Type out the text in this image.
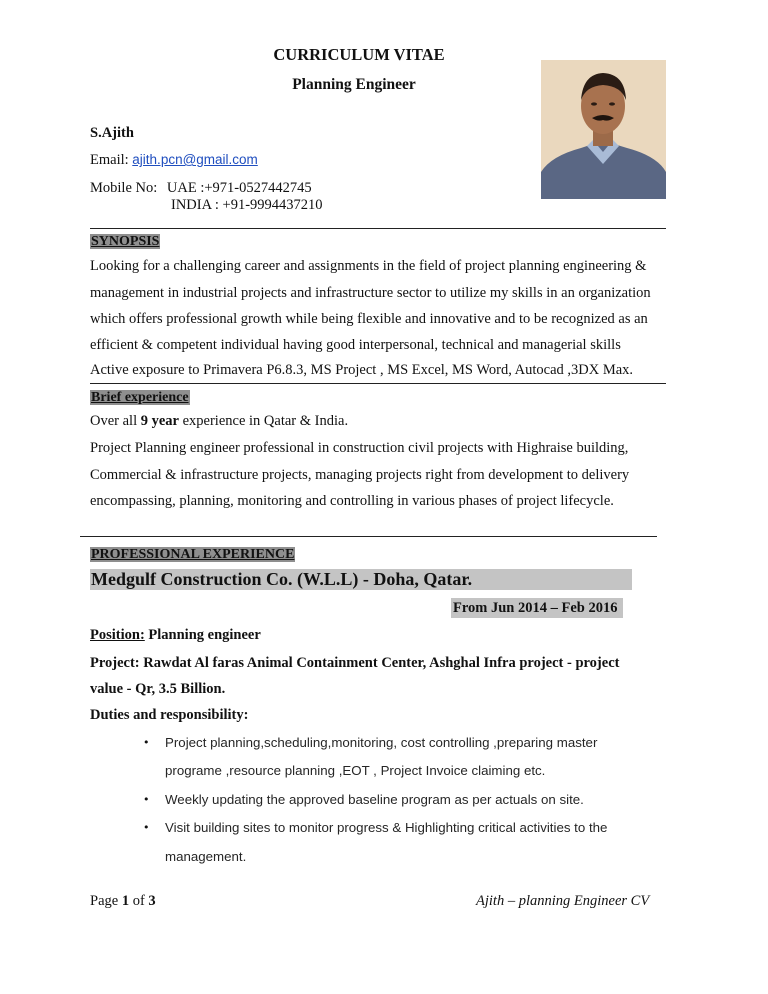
CURRICULUM VITAE
Planning Engineer
S.Ajith
Email: ajith.pcn@gmail.com
Mobile No: UAE :+971-0527442745
INDIA : +91-9994437210
SYNOPSIS
Looking for a challenging career and assignments in the field of project planning engineering &
management in industrial projects and infrastructure sector to utilize my skills in an organization
which offers professional growth while being flexible and innovative and to be recognized as an
efficient & competent individual having good interpersonal, technical and managerial skills
Active exposure to Primavera P6.8.3, MS Project , MS Excel, MS Word, Autocad ,3DX Max.
Brief experience
Over all 9 year experience in Qatar & India.
Project Planning engineer professional in construction civil projects with Highraise building,
Commercial & infrastructure projects, managing projects right from development to delivery
encompassing, planning, monitoring and controlling in various phases of project lifecycle.
PROFESSIONAL EXPERIENCE
Medgulf Construction Co. (W.L.L) - Doha, Qatar.
From Jun 2014 – Feb 2016
Position: Planning engineer
Project: Rawdat Al faras Animal Containment Center, Ashghal Infra project - project
value - Qr, 3.5 Billion.
Duties and responsibility:
• Project planning,scheduling,monitoring, cost controlling ,preparing master
programe ,resource planning ,EOT , Project Invoice claiming etc.
• Weekly updating the approved baseline program as per actuals on site.
• Visit building sites to monitor progress & Highlighting critical activities to the
management.
Page 1 of 3	Ajith – planning Engineer CV
